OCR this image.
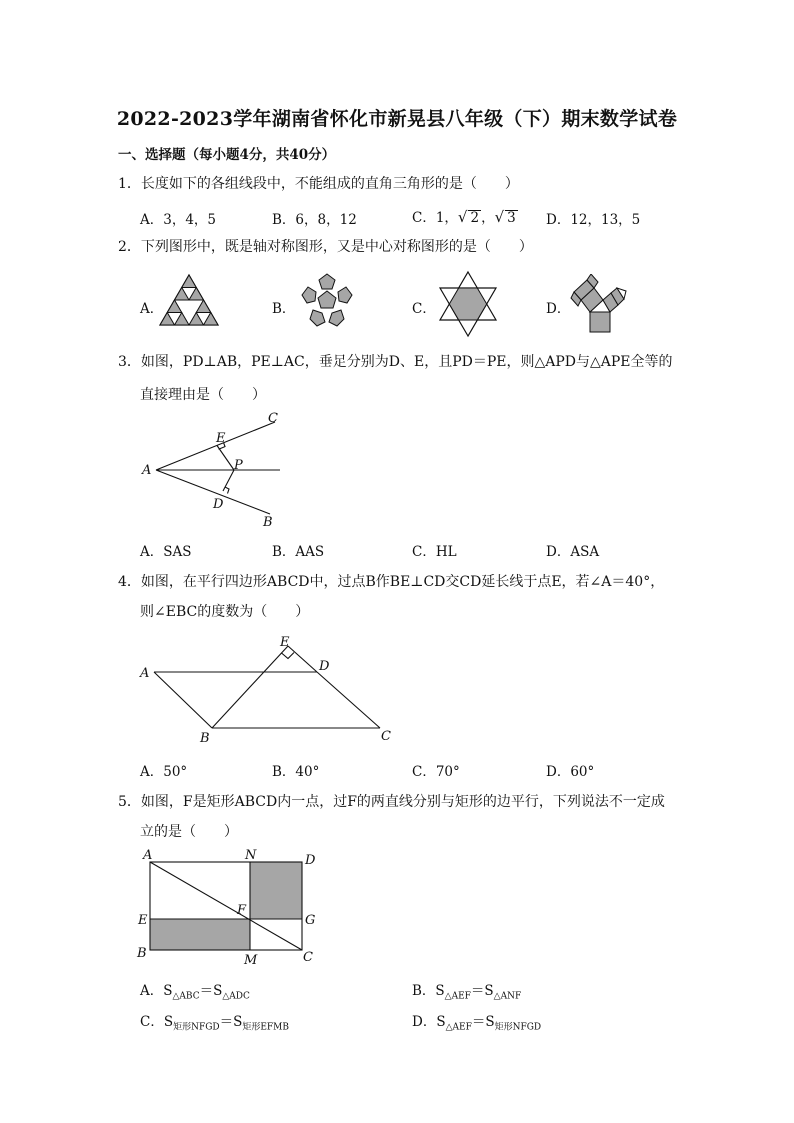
2022-2023学年湖南省怀化市新晃县八年级（下）期末数学试卷
一、选择题（每小题4分，共40分）
1．长度如下的各组线段中，不能组成的直角三角形的是（　　）
A．3，4，5	B．6，8，12	C．1，√ 2 ，√ 3 D．12，13，5
2．下列图形中，既是轴对称图形，又是中心对称图形的是（　　）
A．	B．	C．	D．
3．如图，PD⊥AB，PE⊥AC，垂足分别为D、E，且PD＝PE，则△APD与△APE全等的
直接理由是（　　）
A
C
E
P
D
B
A．SAS	B．AAS	C．HL	D．ASA
4．如图，在平行四边形ABCD中，过点B作BE⊥CD交CD延长线于点E，若∠A＝40°，
则∠EBC的度数为（　　）
A
E
D
B	C
A．50°	B．40°	C．70°	D．60°
5．如图，F是矩形ABCD内一点，过F的两直线分别与矩形的边平行，下列说法不一定成
立的是（　　）
A	N	D
E
F
G
B	M	C
A．$S_{\triangle ABC}=S_{\triangle ADC}$	B．$S_{\triangle AEF}=S_{\triangle ANF}$
C．$S_{矩形NFGD}=S_{矩形EFMB}$	D．$S_{\triangle AEF}=S_{矩形NFGD}$
